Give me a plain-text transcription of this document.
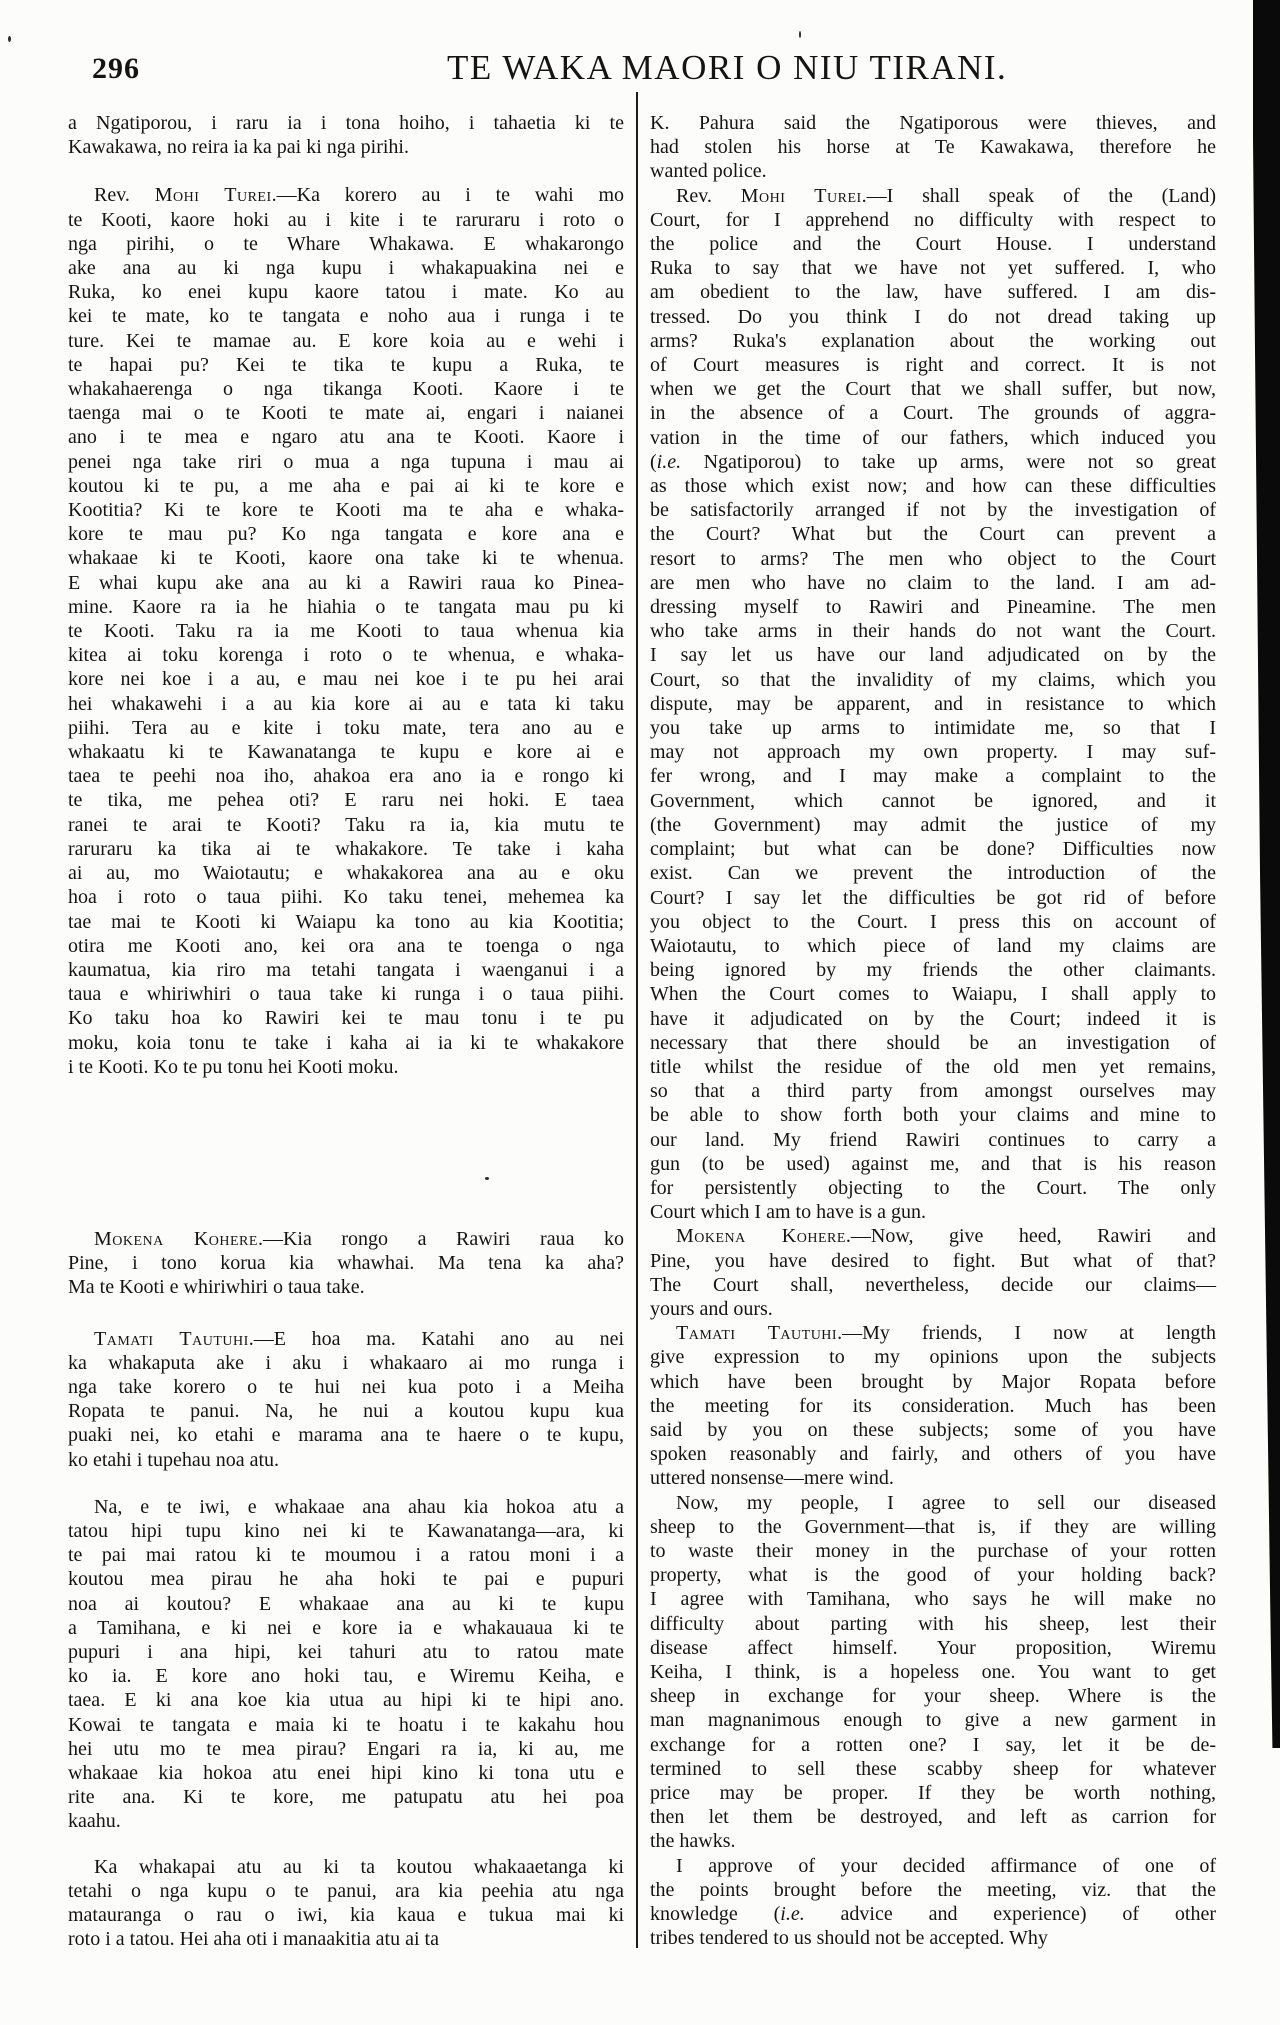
296	TE WAKA MAORI O NIU TIRANI.
a Ngatiporou, i raru ia i tona hoiho, i tahaetia ki te
Kawakawa, no reira ia ka pai ki nga pirihi.
Rev. Mohi Turei.—Ka korero au i te wahi mo
te Kooti, kaore hoki au i kite i te raruraru i roto o
nga pirihi, o te Whare Whakawa. E whakarongo
ake ana au ki nga kupu i whakapuakina nei e
Ruka, ko enei kupu kaore tatou i mate. Ko au
kei te mate, ko te tangata e noho aua i runga i te
ture. Kei te mamae au. E kore koia au e wehi i
te hapai pu? Kei te tika te kupu a Ruka, te
whakahaerenga o nga tikanga Kooti. Kaore i te
taenga mai o te Kooti te mate ai, engari i naianei
ano i te mea e ngaro atu ana te Kooti. Kaore i
penei nga take riri o mua a nga tupuna i mau ai
koutou ki te pu, a me aha e pai ai ki te kore e
Kootitia? Ki te kore te Kooti ma te aha e whaka-
kore te mau pu? Ko nga tangata e kore ana e
whakaae ki te Kooti, kaore ona take ki te whenua.
E whai kupu ake ana au ki a Rawiri raua ko Pinea-
mine. Kaore ra ia he hiahia o te tangata mau pu ki
te Kooti. Taku ra ia me Kooti to taua whenua kia
kitea ai toku korenga i roto o te whenua, e whaka-
kore nei koe i a au, e mau nei koe i te pu hei arai
hei whakawehi i a au kia kore ai au e tata ki taku
piihi. Tera au e kite i toku mate, tera ano au e
whakaatu ki te Kawanatanga te kupu e kore ai e
taea te peehi noa iho, ahakoa era ano ia e rongo ki
te tika, me pehea oti? E raru nei hoki. E taea
ranei te arai te Kooti? Taku ra ia, kia mutu te
raruraru ka tika ai te whakakore. Te take i kaha
ai au, mo Waiotautu; e whakakorea ana au e oku
hoa i roto o taua piihi. Ko taku tenei, mehemea ka
tae mai te Kooti ki Waiapu ka tono au kia Kootitia;
otira me Kooti ano, kei ora ana te toenga o nga
kaumatua, kia riro ma tetahi tangata i waenganui i a
taua e whiriwhiri o taua take ki runga i o taua piihi.
Ko taku hoa ko Rawiri kei te mau tonu i te pu
moku, koia tonu te take i kaha ai ia ki te whakakore
i te Kooti. Ko te pu tonu hei Kooti moku.
Mokena Kohere.—Kia rongo a Rawiri raua ko
Pine, i tono korua kia whawhai. Ma tena ka aha?
Ma te Kooti e whiriwhiri o taua take.
Tamati Tautuhi.—E hoa ma. Katahi ano au nei
ka whakaputa ake i aku i whakaaro ai mo runga i
nga take korero o te hui nei kua poto i a Meiha
Ropata te panui. Na, he nui a koutou kupu kua
puaki nei, ko etahi e marama ana te haere o te kupu,
ko etahi i tupehau noa atu.
Na, e te iwi, e whakaae ana ahau kia hokoa atu a
tatou hipi tupu kino nei ki te Kawanatanga—ara, ki
te pai mai ratou ki te moumou i a ratou moni i a
koutou mea pirau he aha hoki te pai e pupuri
noa ai koutou? E whakaae ana au ki te kupu
a Tamihana, e ki nei e kore ia e whakauaua ki te
pupuri i ana hipi, kei tahuri atu to ratou mate
ko ia. E kore ano hoki tau, e Wiremu Keiha, e
taea. E ki ana koe kia utua au hipi ki te hipi ano.
Kowai te tangata e maia ki te hoatu i te kakahu hou
hei utu mo te mea pirau? Engari ra ia, ki au, me
whakaae kia hokoa atu enei hipi kino ki tona utu e
rite ana. Ki te kore, me patupatu atu hei poa
kaahu.
Ka whakapai atu au ki ta koutou whakaaetanga ki
tetahi o nga kupu o te panui, ara kia peehia atu nga
matauranga o rau o iwi, kia kaua e tukua mai ki
roto i a tatou. Hei aha oti i manaakitia atu ai ta
K. Pahura said the Ngatiporous were thieves, and
had stolen his horse at Te Kawakawa, therefore he
wanted police.
Rev. Mohi Turei.—I shall speak of the (Land)
Court, for I apprehend no difficulty with respect to
the police and the Court House. I understand
Ruka to say that we have not yet suffered. I, who
am obedient to the law, have suffered. I am dis-
tressed. Do you think I do not dread taking up
arms? Ruka's explanation about the working out
of Court measures is right and correct. It is not
when we get the Court that we shall suffer, but now,
in the absence of a Court. The grounds of aggra-
vation in the time of our fathers, which induced you
(i.e. Ngatiporou) to take up arms, were not so great
as those which exist now; and how can these difficulties
be satisfactorily arranged if not by the investigation of
the Court? What but the Court can prevent a
resort to arms? The men who object to the Court
are men who have no claim to the land. I am ad-
dressing myself to Rawiri and Pineamine. The men
who take arms in their hands do not want the Court.
I say let us have our land adjudicated on by the
Court, so that the invalidity of my claims, which you
dispute, may be apparent, and in resistance to which
you take up arms to intimidate me, so that I
may not approach my own property. I may suf-
fer wrong, and I may make a complaint to the
Government, which cannot be ignored, and it
(the Government) may admit the justice of my
complaint; but what can be done? Difficulties now
exist. Can we prevent the introduction of the
Court? I say let the difficulties be got rid of before
you object to the Court. I press this on account of
Waiotautu, to which piece of land my claims are
being ignored by my friends the other claimants.
When the Court comes to Waiapu, I shall apply to
have it adjudicated on by the Court; indeed it is
necessary that there should be an investigation of
title whilst the residue of the old men yet remains,
so that a third party from amongst ourselves may
be able to show forth both your claims and mine to
our land. My friend Rawiri continues to carry a
gun (to be used) against me, and that is his reason
for persistently objecting to the Court. The only
Court which I am to have is a gun.
Mokena Kohere.—Now, give heed, Rawiri and
Pine, you have desired to fight. But what of that?
The Court shall, nevertheless, decide our claims—
yours and ours.
Tamati Tautuhi.—My friends, I now at length
give expression to my opinions upon the subjects
which have been brought by Major Ropata before
the meeting for its consideration. Much has been
said by you on these subjects; some of you have
spoken reasonably and fairly, and others of you have
uttered nonsense—mere wind.
Now, my people, I agree to sell our diseased
sheep to the Government—that is, if they are willing
to waste their money in the purchase of your rotten
property, what is the good of your holding back?
I agree with Tamihana, who says he will make no
difficulty about parting with his sheep, lest their
disease affect himself. Your proposition, Wiremu
Keiha, I think, is a hopeless one. You want to get
sheep in exchange for your sheep. Where is the
man magnanimous enough to give a new garment in
exchange for a rotten one? I say, let it be de-
termined to sell these scabby sheep for whatever
price may be proper. If they be worth nothing,
then let them be destroyed, and left as carrion for
the hawks.
I approve of your decided affirmance of one of
the points brought before the meeting, viz. that the
knowledge (i.e. advice and experience) of other
tribes tendered to us should not be accepted. Why
